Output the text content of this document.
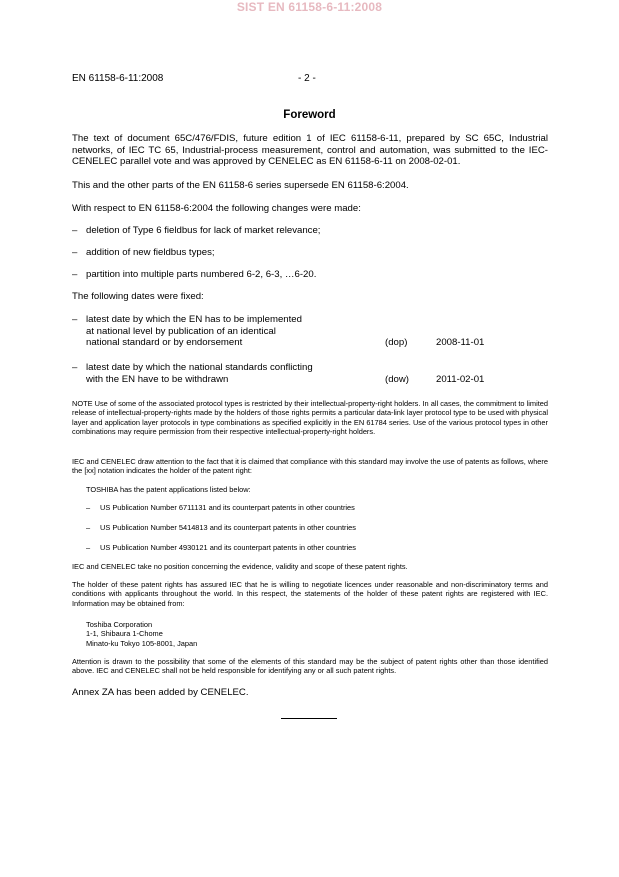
SIST EN 61158-6-11:2008
EN 61158-6-11:2008	- 2 -
Foreword
The text of document 65C/476/FDIS, future edition 1 of IEC 61158-6-11, prepared by SC 65C, Industrial networks, of IEC TC 65, Industrial-process measurement, control and automation, was submitted to the IEC-CENELEC parallel vote and was approved by CENELEC as EN 61158-6-11 on 2008-02-01.
This and the other parts of the EN 61158-6 series supersede EN 61158-6:2004.
With respect to EN 61158-6:2004 the following changes were made:
– deletion of Type 6 fieldbus for lack of market relevance;
– addition of new fieldbus types;
– partition into multiple parts numbered 6-2, 6-3, …6-20.
The following dates were fixed:
– latest date by which the EN has to be implemented
at national level by publication of an identical
national standard or by endorsement	(dop)	2008-11-01
– latest date by which the national standards conflicting
with the EN have to be withdrawn	(dow)	2011-02-01
NOTE Use of some of the associated protocol types is restricted by their intellectual-property-right holders. In all cases, the commitment to limited release of intellectual-property-rights made by the holders of those rights permits a particular data-link layer protocol type to be used with physical layer and application layer protocols in type combinations as specified explicitly in the EN 61784 series. Use of the various protocol types in other combinations may require permission from their respective intellectual-property-right holders.
IEC and CENELEC draw attention to the fact that it is claimed that compliance with this standard may involve the use of patents as follows, where the [xx] notation indicates the holder of the patent right:
TOSHIBA has the patent applications listed below:
– US Publication Number 6711131 and its counterpart patents in other countries
– US Publication Number 5414813 and its counterpart patents in other countries
– US Publication Number 4930121 and its counterpart patents in other countries
IEC and CENELEC take no position concerning the evidence, validity and scope of these patent rights.
The holder of these patent rights has assured IEC that he is willing to negotiate licences under reasonable and non-discriminatory terms and conditions with applicants throughout the world. In this respect, the statements of the holder of these patent rights are registered with IEC. Information may be obtained from:
Toshiba Corporation
1-1, Shibaura 1-Chome
Minato-ku Tokyo 105-8001, Japan
Attention is drawn to the possibility that some of the elements of this standard may be the subject of patent rights other than those identified above. IEC and CENELEC shall not be held responsible for identifying any or all such patent rights.
Annex ZA has been added by CENELEC.
